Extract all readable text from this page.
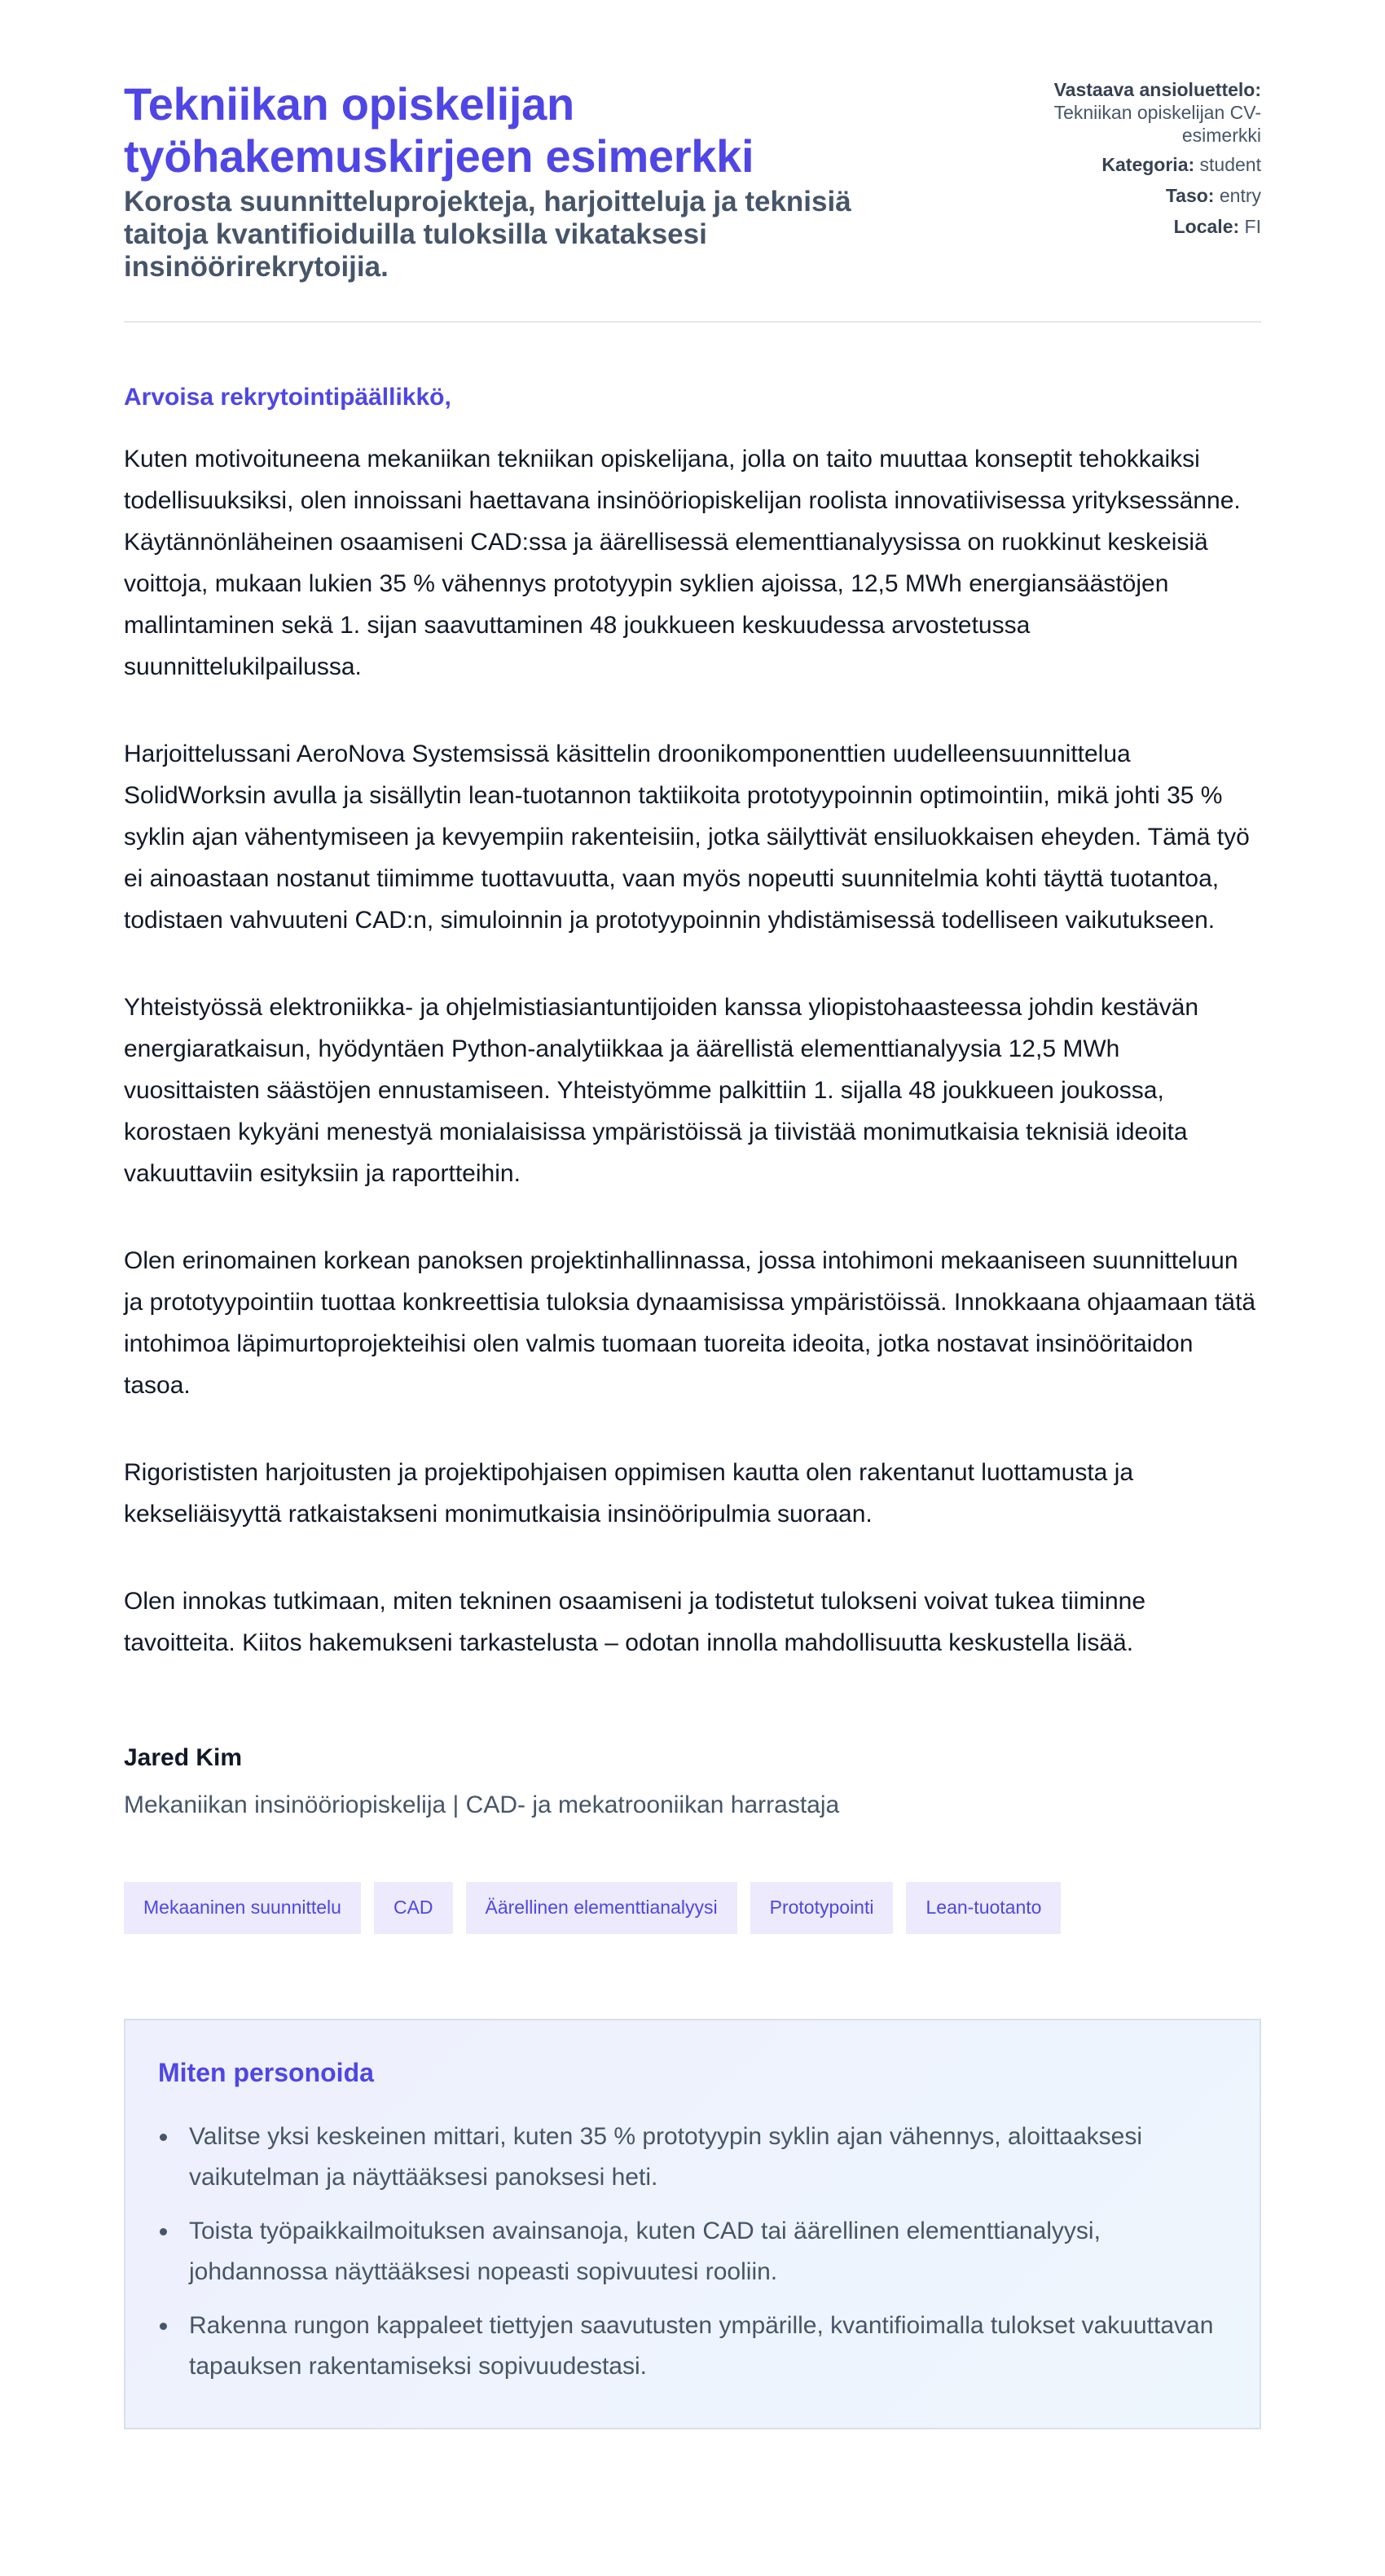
Tekniikan opiskelijan työhakemuskirjeen esimerkki
Korosta suunnitteluprojekteja, harjoitteluja ja teknisiä taitoja kvantifioiduilla tuloksilla vikataksesi insinöörirekrytoijia.
Vastaava ansioluettelo:
Tekniikan opiskelijan CV-esimerkki
Kategoria: student
Taso: entry
Locale: FI

Arvoisa rekrytointipäällikkö,

Kuten motivoituneena mekaniikan tekniikan opiskelijana, jolla on taito muuttaa konseptit tehokkaiksi todellisuuksiksi, olen innoissani haettavana insinööriopiskelijan roolista innovatiivisessa yrityksessänne. Käytännönläheinen osaamiseni CAD:ssa ja äärellisessä elementtianalyysissa on ruokkinut keskeisiä voittoja, mukaan lukien 35 % vähennys prototyypin syklien ajoissa, 12,5 MWh energiansäästöjen mallintaminen sekä 1. sijan saavuttaminen 48 joukkueen keskuudessa arvostetussa suunnittelukilpailussa.

Harjoittelussani AeroNova Systemsissä käsittelin droonikomponenttien uudelleensuunnittelua SolidWorksin avulla ja sisällytin lean-tuotannon taktiikoita prototyypoinnin optimointiin, mikä johti 35 % syklin ajan vähentymiseen ja kevyempiin rakenteisiin, jotka säilyttivät ensiluokkaisen eheyden. Tämä työ ei ainoastaan nostanut tiimimme tuottavuutta, vaan myös nopeutti suunnitelmia kohti täyttä tuotantoa, todistaen vahvuuteni CAD:n, simuloinnin ja prototyypoinnin yhdistämisessä todelliseen vaikutukseen.

Yhteistyössä elektroniikka- ja ohjelmistiasiantuntijoiden kanssa yliopistohaasteessa johdin kestävän energiaratkaisun, hyödyntäen Python-analytiikkaa ja äärellistä elementtianalyysia 12,5 MWh vuosittaisten säästöjen ennustamiseen. Yhteistyömme palkittiin 1. sijalla 48 joukkueen joukossa, korostaen kykyäni menestyä monialaisissa ympäristöissä ja tiivistää monimutkaisia teknisiä ideoita vakuuttaviin esityksiin ja raportteihin.

Olen erinomainen korkean panoksen projektinhallinnassa, jossa intohimoni mekaaniseen suunnitteluun ja prototyypointiin tuottaa konkreettisia tuloksia dynaamisissa ympäristöissä. Innokkaana ohjaamaan tätä intohimoa läpimurtoprojekteihisi olen valmis tuomaan tuoreita ideoita, jotka nostavat insinööritaidon tasoa.

Rigorististen harjoitusten ja projektipohjaisen oppimisen kautta olen rakentanut luottamusta ja kekseliäisyyttä ratkaistakseni monimutkaisia insinööripulmia suoraan.

Olen innokas tutkimaan, miten tekninen osaamiseni ja todistetut tulokseni voivat tukea tiiminne tavoitteita. Kiitos hakemukseni tarkastelusta – odotan innolla mahdollisuutta keskustella lisää.

Jared Kim
Mekaniikan insinööriopiskelija | CAD- ja mekatrooniikan harrastaja
Mekaaninen suunnittelu	CAD	Äärellinen elementtianalyysi	Prototypointi	Lean-tuotanto
Miten personoida
Valitse yksi keskeinen mittari, kuten 35 % prototyypin syklin ajan vähennys, aloittaaksesi vaikutelman ja näyttääksesi panoksesi heti.
Toista työpaikkailmoituksen avainsanoja, kuten CAD tai äärellinen elementtianalyysi, johdannossa näyttääksesi nopeasti sopivuutesi rooliin.
Rakenna rungon kappaleet tiettyjen saavutusten ympärille, kvantifioimalla tulokset vakuuttavan tapauksen rakentamiseksi sopivuudestasi.
